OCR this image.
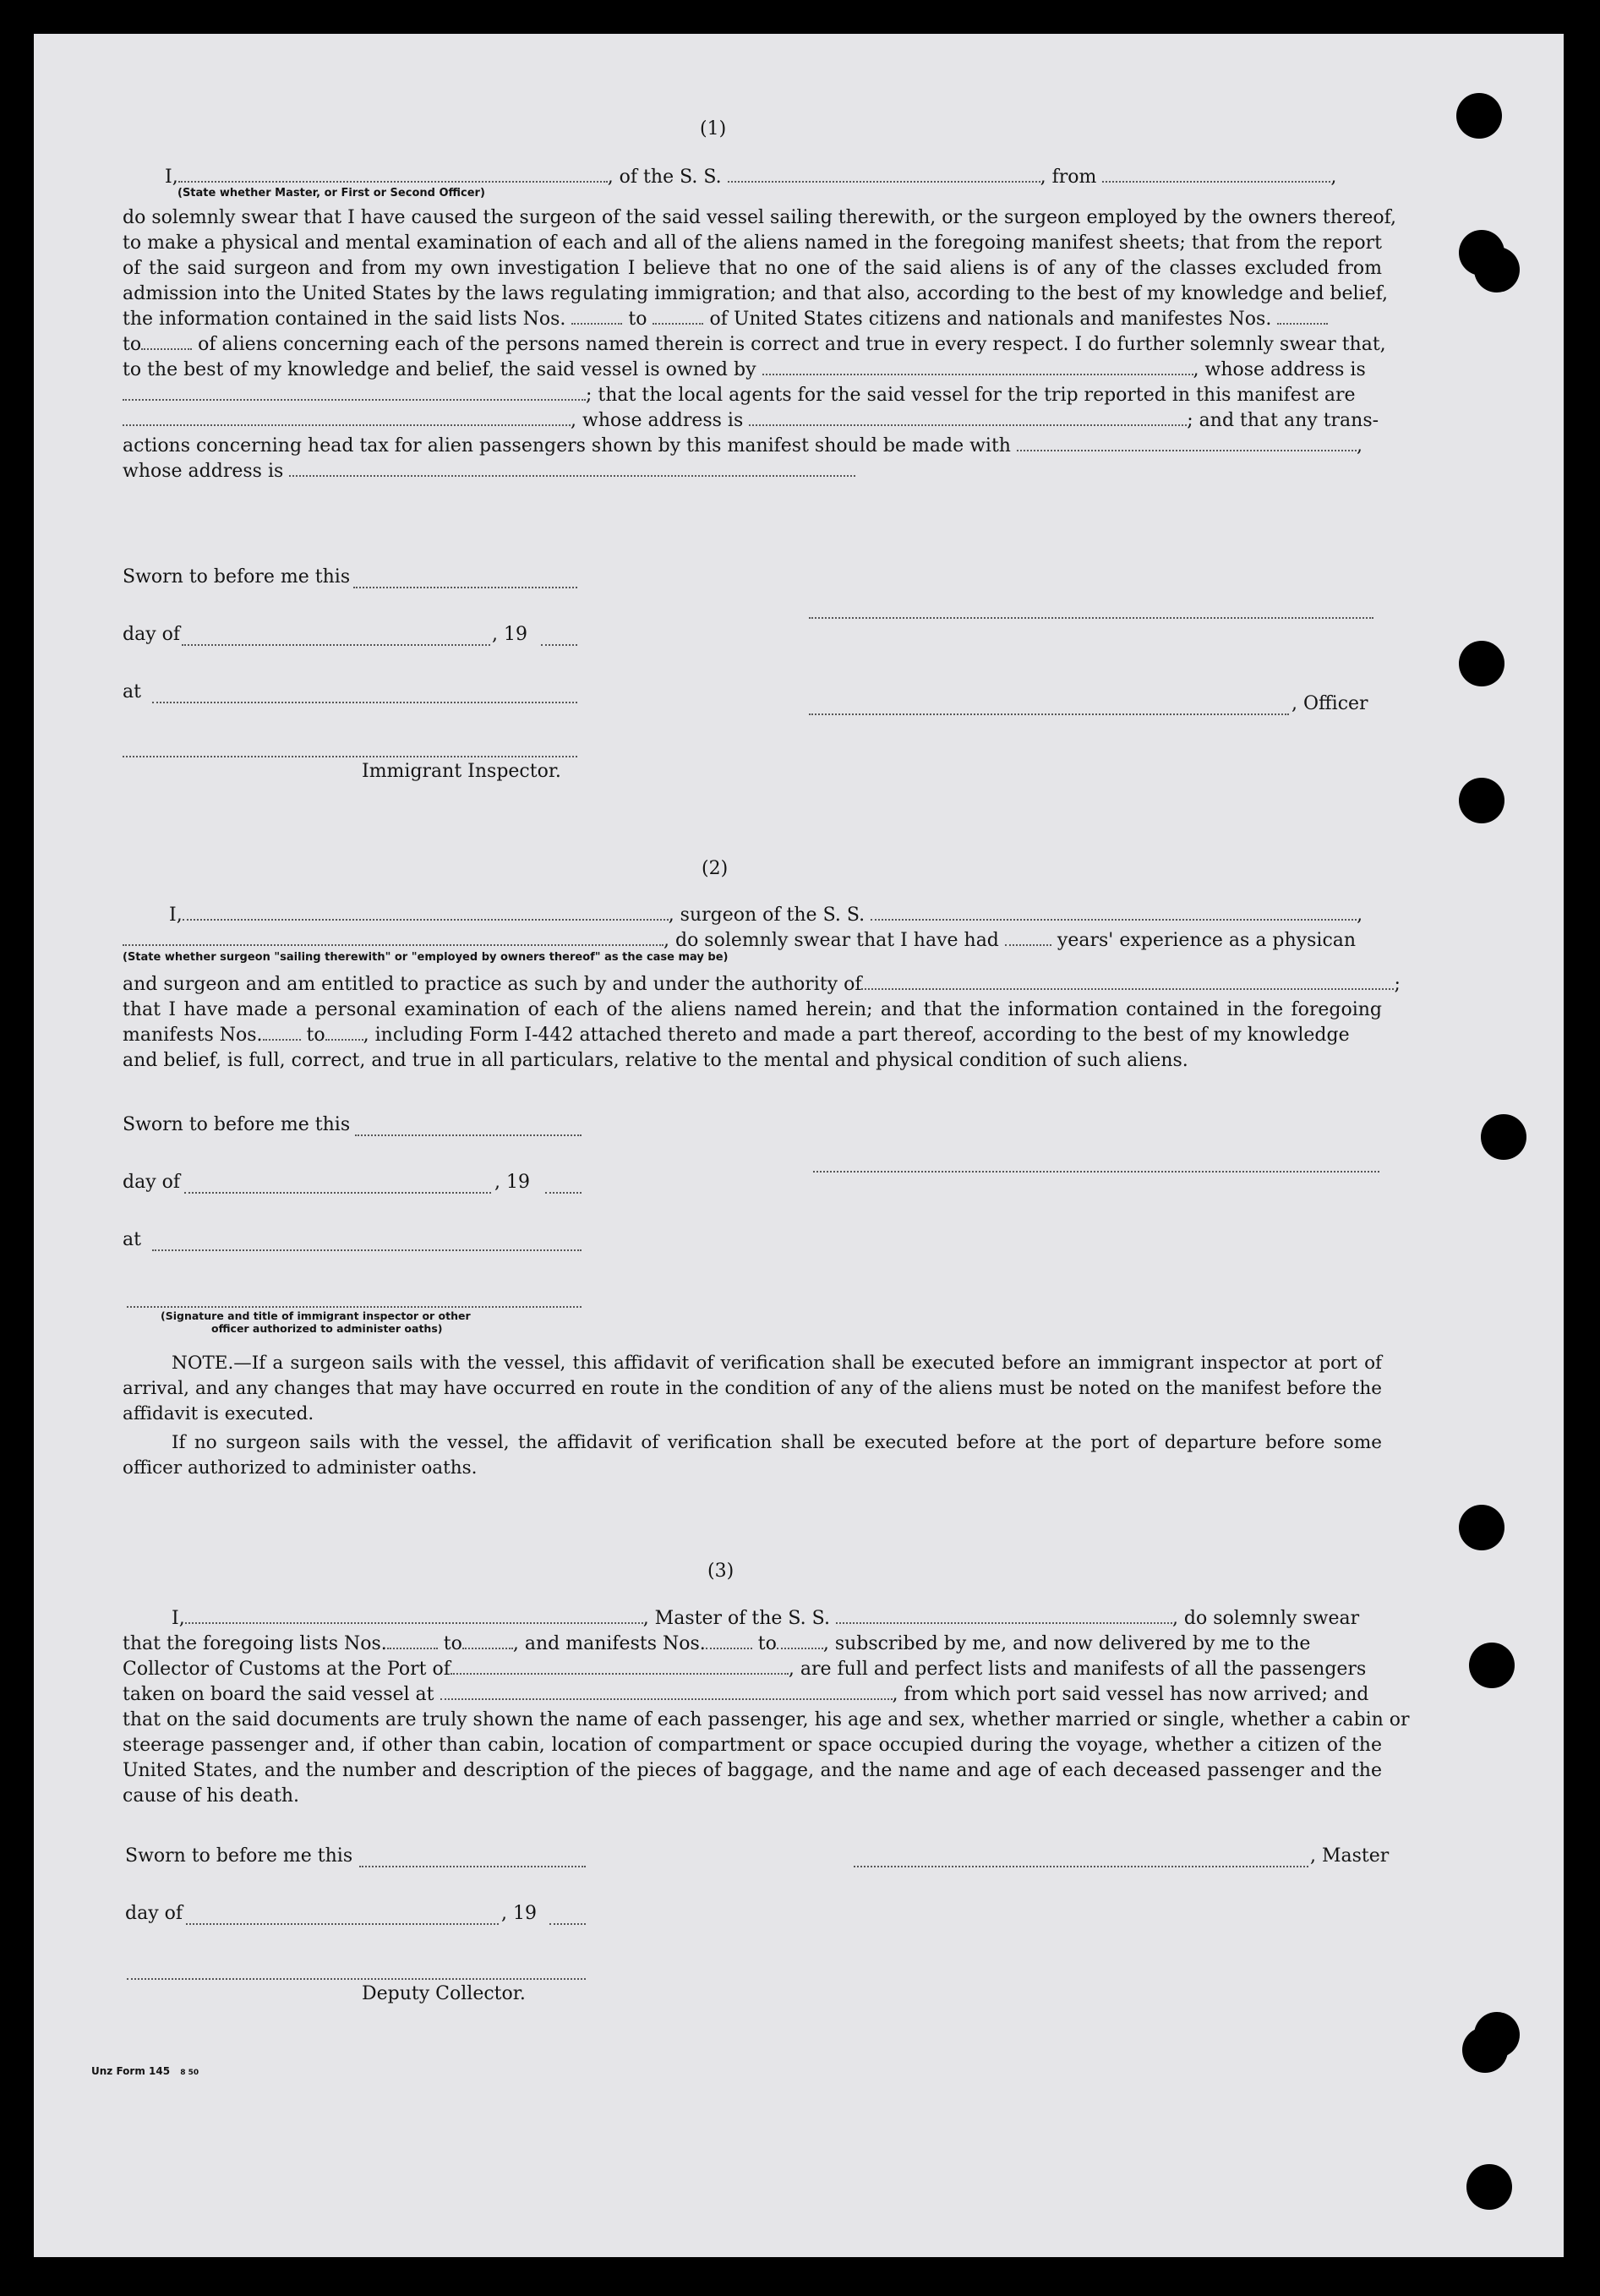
(1)
I,	, of the S. S.	, from	,
(State whether Master, or First or Second Officer)
do solemnly swear that I have caused the surgeon of the said vessel sailing therewith, or the surgeon employed by the owners thereof,
to make a physical and mental examination of each and all of the aliens named in the foregoing manifest sheets; that from the report
of the said surgeon and from my own investigation I believe that no one of the said aliens is of any of the classes excluded from
admission into the United States by the laws regulating immigration; and that also, according to the best of my knowledge and belief,
the information contained in the said lists Nos.	to	of United States citizens and nationals and manifestes Nos.
to	of aliens concerning each of the persons named therein is correct and true in every respect. I do further solemnly swear that,
to the best of my knowledge and belief, the said vessel is owned by	, whose address is
; that the local agents for the said vessel for the trip reported in this manifest are
, whose address is	; and that any trans-
actions concerning head tax for alien passengers shown by this manifest should be made with	,
whose address is
Sworn to before me this
day of	, 19
at
, Officer
Immigrant Inspector.
(2)
I,	, surgeon of the S. S.	,
, do solemnly swear that I have had	years' experience as a physican
(State whether surgeon "sailing therewith" or "employed by owners thereof" as the case may be)
and surgeon and am entitled to practice as such by and under the authority of	;
that I have made a personal examination of each of the aliens named herein; and that the information contained in the foregoing
manifests Nos. to , including Form I-442 attached thereto and made a part thereof, according to the best of my knowledge
and belief, is full, correct, and true in all particulars, relative to the mental and physical condition of such aliens.
Sworn to before me this
day of	, 19
at
(Signature and title of immigrant inspector or other
officer authorized to administer oaths)

NOTE.—If a surgeon sails with the vessel, this affidavit of verification shall be executed before an immigrant inspector at port of arrival, and any changes that may have occurred en route in the condition of any of the aliens must be noted on the manifest before the affidavit is executed.

If no surgeon sails with the vessel, the affidavit of verification shall be executed before at the port of departure before some officer authorized to administer oaths.

(3)
I,	, Master of the S. S.	, do solemnly swear
that the foregoing lists Nos.	to	, and manifests Nos.	to	, subscribed by me, and now delivered by me to the
Collector of Customs at the Port of	, are full and perfect lists and manifests of all the passengers
taken on board the said vessel at	, from which port said vessel has now arrived; and
that on the said documents are truly shown the name of each passenger, his age and sex, whether married or single, whether a cabin or
steerage passenger and, if other than cabin, location of compartment or space occupied during the voyage, whether a citizen of the
United States, and the number and description of the pieces of baggage, and the name and age of each deceased passenger and the
cause of his death.
Sworn to before me this	, Master
day of	, 19
Deputy Collector.
Unz Form 145 8 50
